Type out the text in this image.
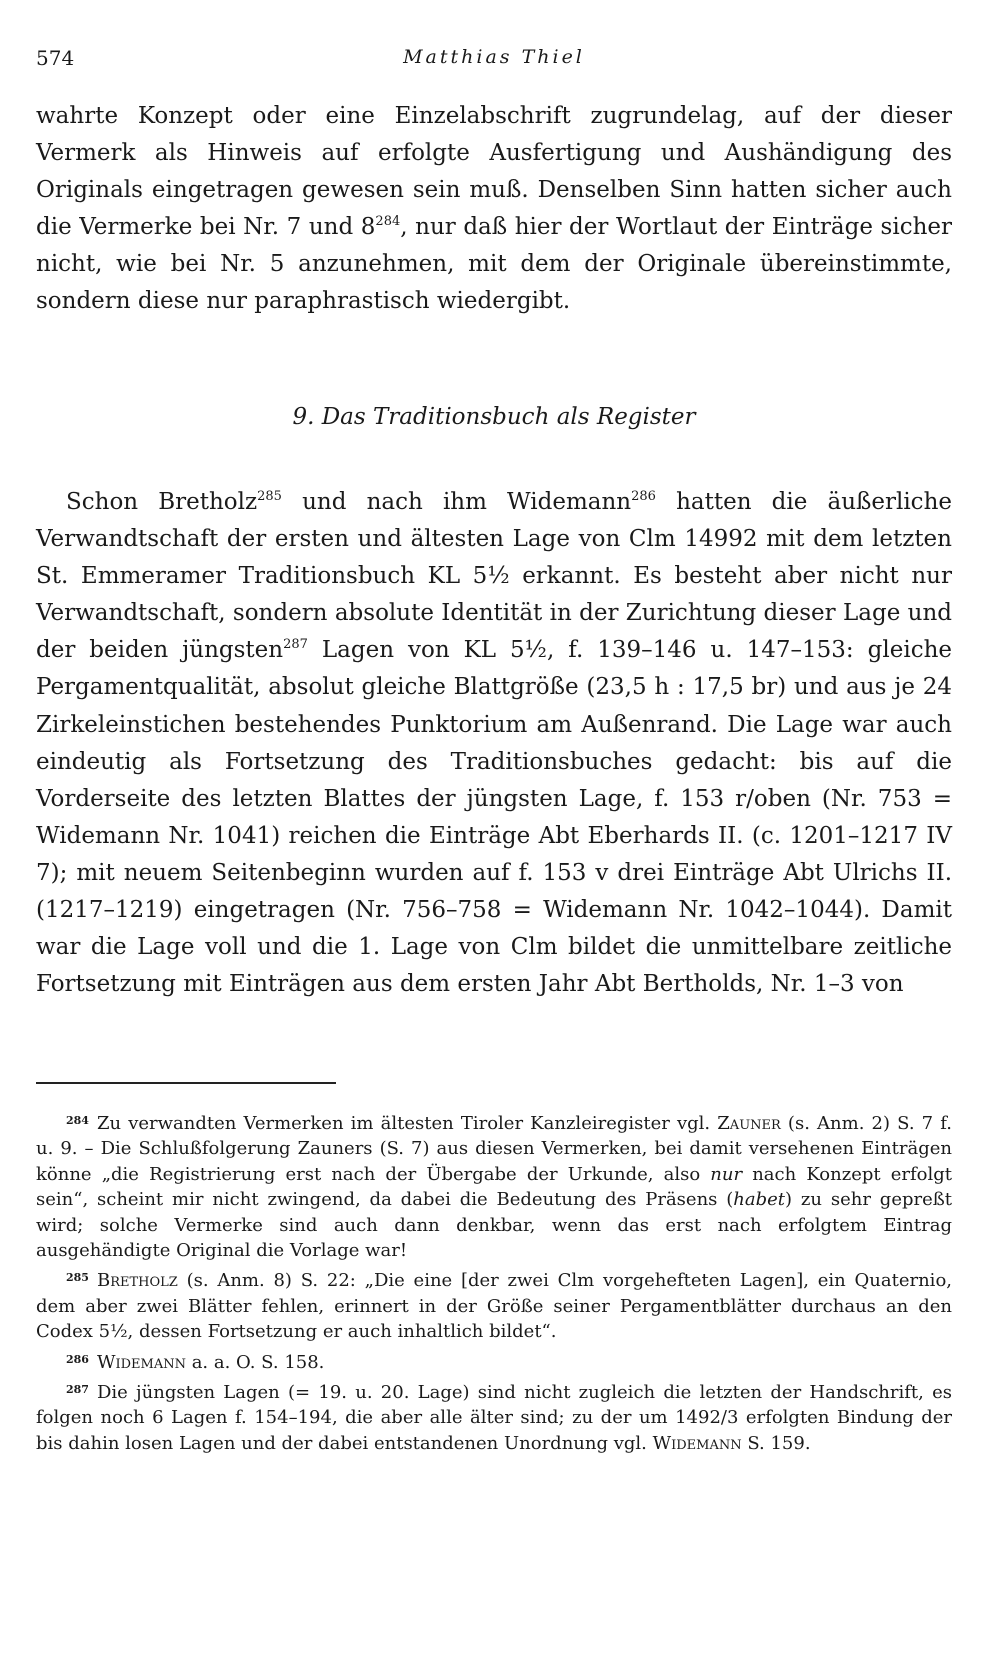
574	Matthias Thiel

wahrte Konzept oder eine Einzelabschrift zugrundelag, auf der dieser Vermerk als Hinweis auf erfolgte Ausfertigung und Aushändigung des Originals eingetragen gewesen sein muß. Denselben Sinn hatten sicher auch die Vermerke bei Nr. 7 und $8^{284}$, nur daß hier der Wortlaut der Einträge sicher nicht, wie bei Nr. 5 anzunehmen, mit dem der Originale übereinstimmte, sondern diese nur paraphrastisch wiedergibt.

9. Das Traditionsbuch als Register

Schon Bretholz$^{285}$ und nach ihm Widemann$^{286}$ hatten die äußerliche Verwandtschaft der ersten und ältesten Lage von Clm 14992 mit dem letzten St. Emmeramer Traditionsbuch KL 5½ erkannt. Es besteht aber nicht nur Verwandtschaft, sondern absolute Identität in der Zurichtung dieser Lage und der beiden jüngsten$^{287}$ Lagen von KL 5½, f. 139–146 u. 147–153: gleiche Pergamentqualität, absolut gleiche Blattgröße (23,5 h : 17,5 br) und aus je 24 Zirkeleinstichen bestehendes Punktorium am Außenrand. Die Lage war auch eindeutig als Fortsetzung des Traditionsbuches gedacht: bis auf die Vorderseite des letzten Blattes der jüngsten Lage, f. 153 r/oben (Nr. 753 = Widemann Nr. 1041) reichen die Einträge Abt Eberhards II. (c. 1201–1217 IV 7); mit neuem Seitenbeginn wurden auf f. 153 v drei Einträge Abt Ulrichs II. (1217–1219) eingetragen (Nr. 756–758 = Widemann Nr. 1042–1044). Damit war die Lage voll und die 1. Lage von Clm bildet die unmittelbare zeitliche Fortsetzung mit Einträgen aus dem ersten Jahr Abt Bertholds, Nr. 1–3 von

$^{284}$ Zu verwandten Vermerken im ältesten Tiroler Kanzleiregister vgl. Zauner (s. Anm. 2) S. 7 f. u. 9. – Die Schlußfolgerung Zauners (S. 7) aus diesen Vermerken, bei damit versehenen Einträgen könne „die Registrierung erst nach der Übergabe der Urkunde, also nur nach Konzept erfolgt sein“, scheint mir nicht zwingend, da dabei die Bedeutung des Präsens (habet) zu sehr gepreßt wird; solche Vermerke sind auch dann denkbar, wenn das erst nach erfolgtem Eintrag ausgehändigte Original die Vorlage war!

$^{285}$ Bretholz (s. Anm. 8) S. 22: „Die eine [der zwei Clm vorgehefteten Lagen], ein Quaternio, dem aber zwei Blätter fehlen, erinnert in der Größe seiner Pergamentblätter durchaus an den Codex 5½, dessen Fortsetzung er auch inhaltlich bildet“.

$^{286}$ Widemann a. a. O. S. 158.

$^{287}$ Die jüngsten Lagen (= 19. u. 20. Lage) sind nicht zugleich die letzten der Handschrift, es folgen noch 6 Lagen f. 154–194, die aber alle älter sind; zu der um 1492/3 erfolgten Bindung der bis dahin losen Lagen und der dabei entstandenen Unordnung vgl. Widemann S. 159.
